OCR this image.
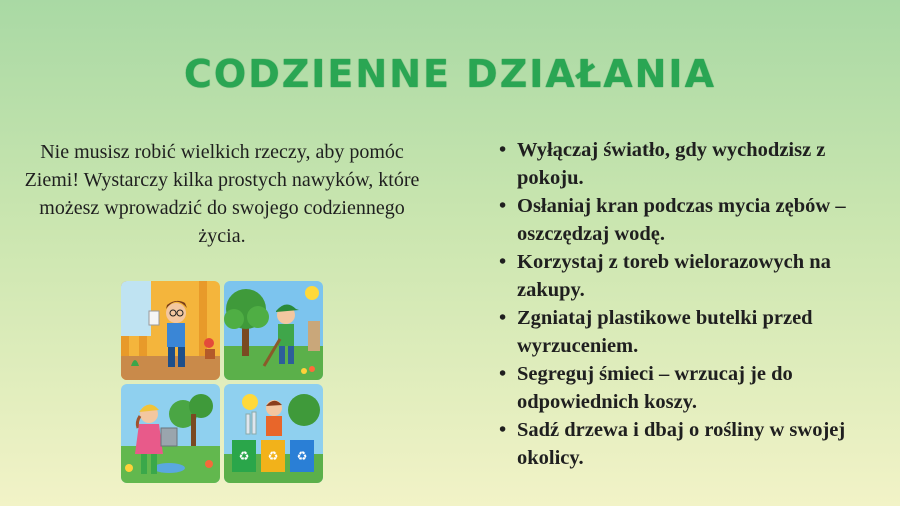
CODZIENNE DZIAŁANIA

Nie musisz robić wielkich rzeczy, aby pomóc Ziemi! Wystarczy kilka prostych nawyków, które możesz wprowadzić do swojego codziennego życia.

• Wyłączaj światło, gdy wychodzisz z pokoju.
• Osłaniaj kran podczas mycia zębów – oszczędzaj wodę.
• Korzystaj z toreb wielorazowych na zakupy.
• Zgniataj plastikowe butelki przed wyrzuceniem.
• Segreguj śmieci – wrzucaj je do odpowiednich koszy.
• Sadź drzewa i dbaj o rośliny w swojej okolicy.
♻ ♻ ♻
